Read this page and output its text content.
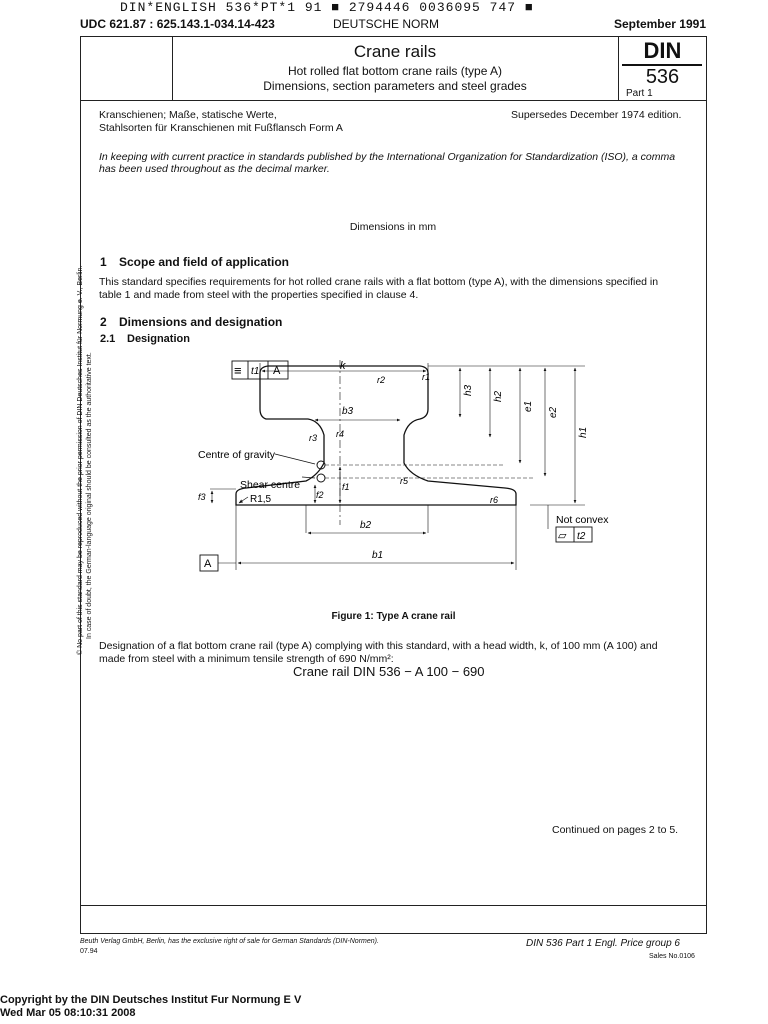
DIN*ENGLISH 536*PT*1 91 ■ 2794446 0036095 747 ■
UDC 621.87 : 625.143.1-034.14-423	DEUTSCHE NORM	September 1991
Crane rails
Hot rolled flat bottom crane rails (type A)
Dimensions, section parameters and steel grades
DIN
536
Part 1
Kranschienen; Maße, statische Werte,
Stahlsorten für Kranschienen mit Fußflansch Form A
Supersedes December 1974 edition.
In keeping with current practice in standards published by the International Organization for Standardization (ISO), a comma
has been used throughout as the decimal marker.
Dimensions in mm
1 Scope and field of application
This standard specifies requirements for hot rolled crane rails with a flat bottom (type A), with the dimensions specified in
table 1 and made from steel with the properties specified in clause 4.
2 Dimensions and designation
2.1 Designation
Centre of gravity
Shear centre
k
b3
b2
b1
h3
h2
e1
e2
h1
f3	f2
f1
r1
r2
r3 r4
r5
r6
R1,5
≡ t1 A
A
Not convex
▱ t2
Figure 1: Type A crane rail
Designation of a flat bottom crane rail (type A) complying with this standard, with a head width, k, of 100 mm (A 100) and
made from steel with a minimum tensile strength of 690 N/mm²:
Crane rail DIN 536 − A 100 − 690
Continued on pages 2 to 5.
© No part of this standard may be reproduced without the prior permission of DIN Deutsches Institut für Normung e. V., Berlin. In case of doubt, the German-language original should be consulted as the authoritative text.
Beuth Verlag GmbH, Berlin, has the exclusive right of sale for German Standards (DIN-Normen).
07.94
DIN 536 Part 1 Engl. Price group 6
Sales No.0106
Copyright by the DIN Deutsches Institut Fur Normung E V
Wed Mar 05 08:10:31 2008
